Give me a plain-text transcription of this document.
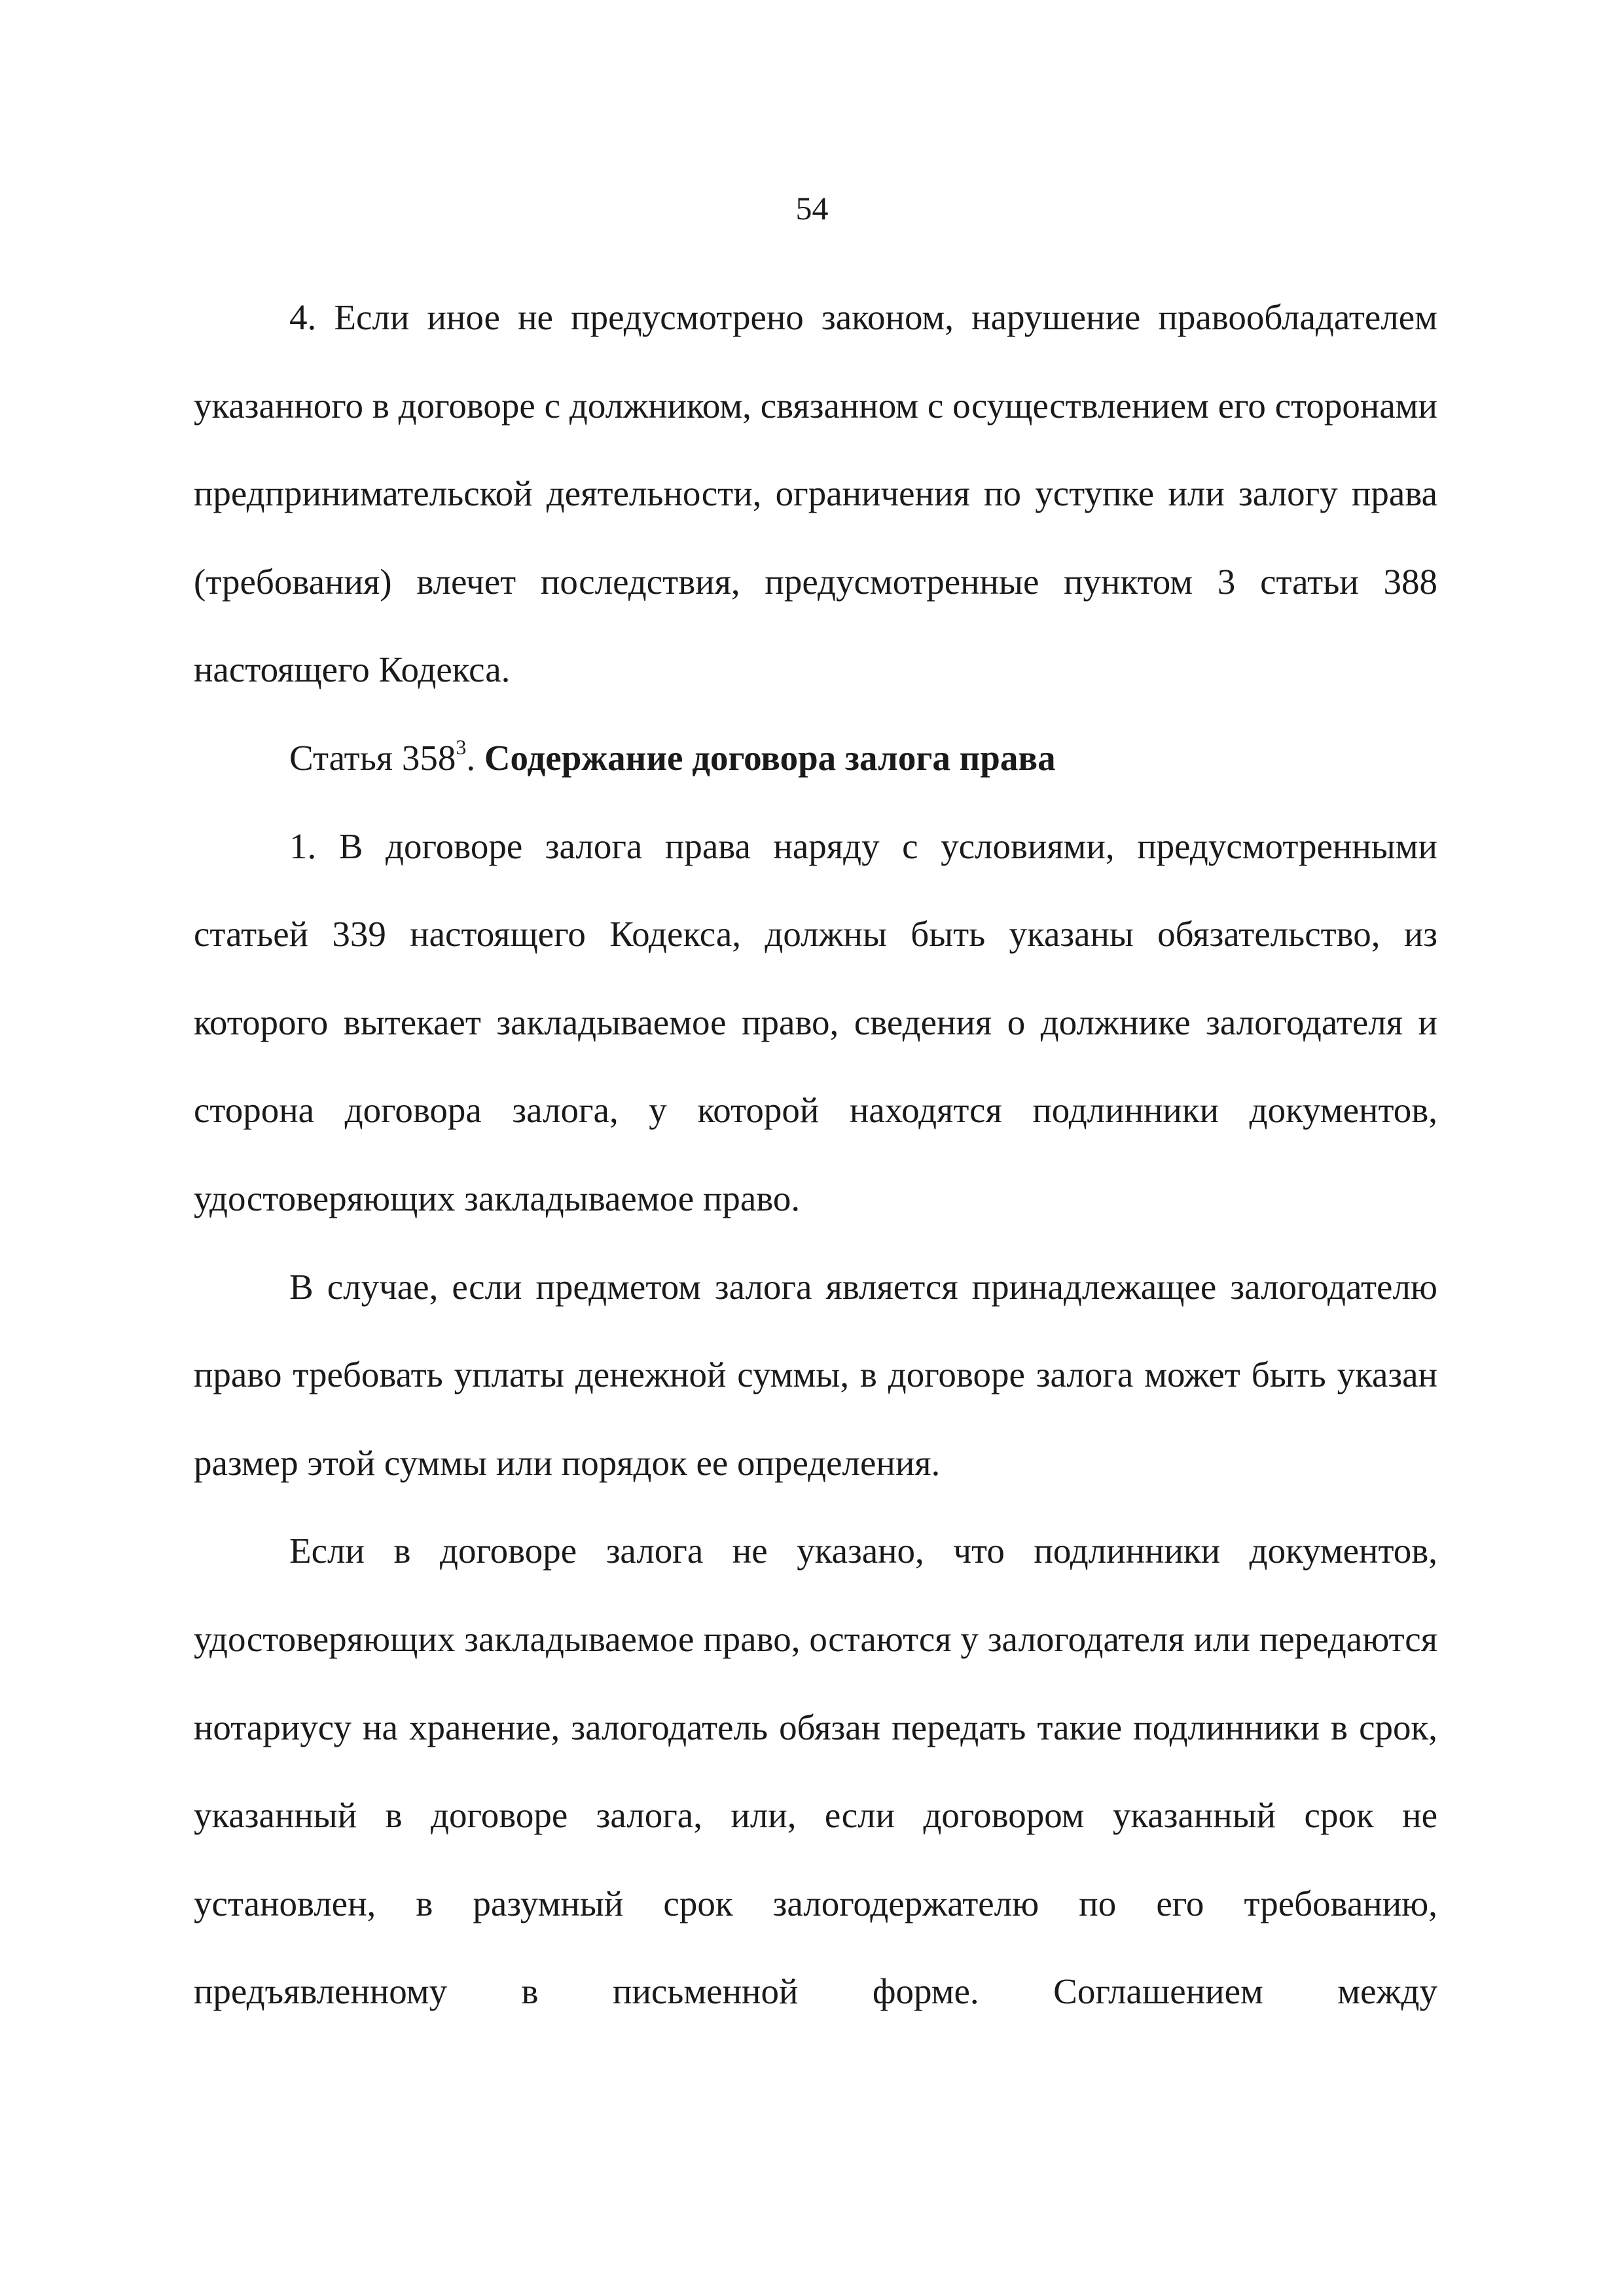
54

4. Если иное не предусмотрено законом, нарушение правообладателем указанного в договоре с должником, связанном с осуществлением его сторонами предпринимательской деятельности, ограничения по уступке или залогу права (требования) влечет последствия, предусмотренные пунктом 3 статьи 388 настоящего Кодекса.

Статья $358^3$. Содержание договора залога права

1. В договоре залога права наряду с условиями, предусмотренными статьей 339 настоящего Кодекса, должны быть указаны обязательство, из которого вытекает закладываемое право, сведения о должнике залогодателя и сторона договора залога, у которой находятся подлинники документов, удостоверяющих закладываемое право.

В случае, если предметом залога является принадлежащее залогодателю право требовать уплаты денежной суммы, в договоре залога может быть указан размер этой суммы или порядок ее определения.

Если в договоре залога не указано, что подлинники документов, удостоверяющих закладываемое право, остаются у залогодателя или передаются нотариусу на хранение, залогодатель обязан передать такие подлинники в срок, указанный в договоре залога, или, если договором указанный срок не установлен, в разумный срок залогодержателю по его требованию, предъявленному в письменной форме. Соглашением между
